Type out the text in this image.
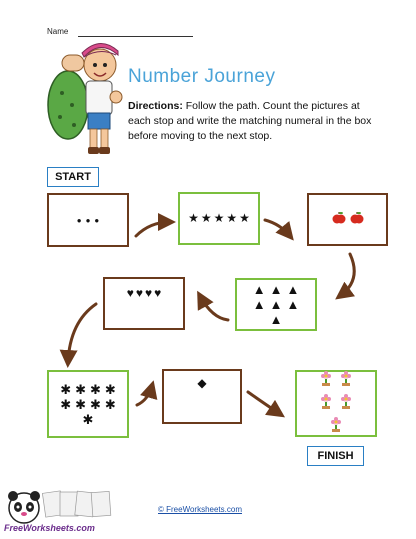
Name
Number Journey
Directions: Follow the path. Count the pictures at each stop and write the matching numeral in the box before moving to the next stop.
START
● ● ●	★ ★ ★ ★ ★
▲ ▲ ▲
▲ ▲ ▲
▲
♥ ♥ ♥ ♥
✱ ✱ ✱ ✱
✱ ✱ ✱ ✱
✱
◆
FINISH
FreeWorksheets.com
© FreeWorksheets.com
